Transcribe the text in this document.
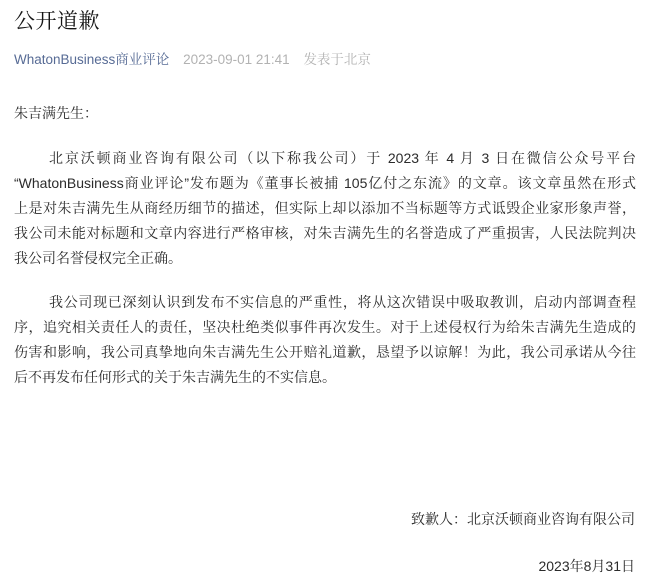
公开道歉
WhatonBusiness商业评论 2023-09-01 21:41 发表于北京
朱吉满先生：
北京沃顿商业咨询有限公司（以下称我公司）于 2023 年 4 月 3 日在微信公众号平台
“WhatonBusiness商业评论”发布题为《董事长被捕 105亿付之东流》的文章。该文章虽然在形式
上是对朱吉满先生从商经历细节的描述，但实际上却以添加不当标题等方式诋毁企业家形象声誉，
我公司未能对标题和文章内容进行严格审核，对朱吉满先生的名誉造成了严重损害，人民法院判决
我公司名誉侵权完全正确。
我公司现已深刻认识到发布不实信息的严重性，将从这次错误中吸取教训，启动内部调查程
序，追究相关责任人的责任，坚决杜绝类似事件再次发生。对于上述侵权行为给朱吉满先生造成的
伤害和影响，我公司真挚地向朱吉满先生公开赔礼道歉，恳望予以谅解！为此，我公司承诺从今往
后不再发布任何形式的关于朱吉满先生的不实信息。
致歉人：北京沃顿商业咨询有限公司
2023年8月31日
